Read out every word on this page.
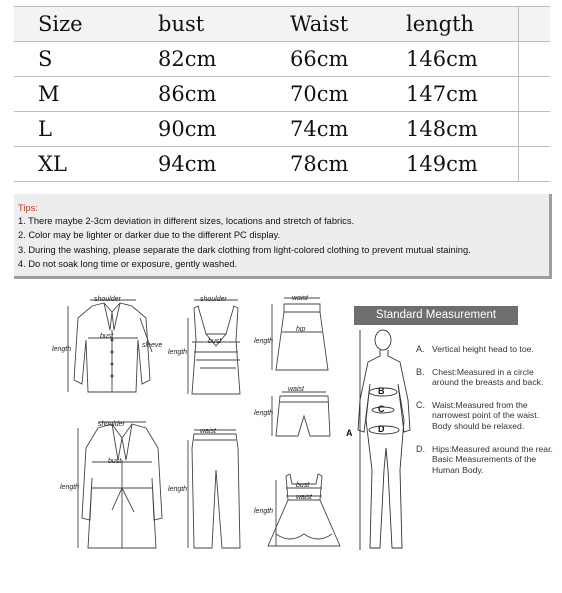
Size	bust	Waist	length	
S	82cm	66cm	146cm	
M	86cm	70cm	147cm	
L	90cm	74cm	148cm	
XL	94cm	78cm	149cm	
Tips:
1. There maybe 2-3cm deviation in different sizes, locations and stretch of fabrics.
2. Color may be lighter or darker due to the different PC display.
3. During the washing, please separate the dark clothing from light-colored clothing to prevent mutual staining.
4. Do not soak long time or exposure, gently washed.
shoulder
bust
sleeve
length
shoulder
bust
length
waist
hip
length
waist
length
shoulder
bust
length
waist
length
bust
waist
length
A
B
C
D
Standard Measurement
A. Vertical height head to toe.
B. Chest:Measured in a circle around the breasts and back.
C. Waist:Measured from the narrowest point of the waist. Body should be relaxed.
D. Hips:Measured around the rear. Basic Measurements of the Human Body.
